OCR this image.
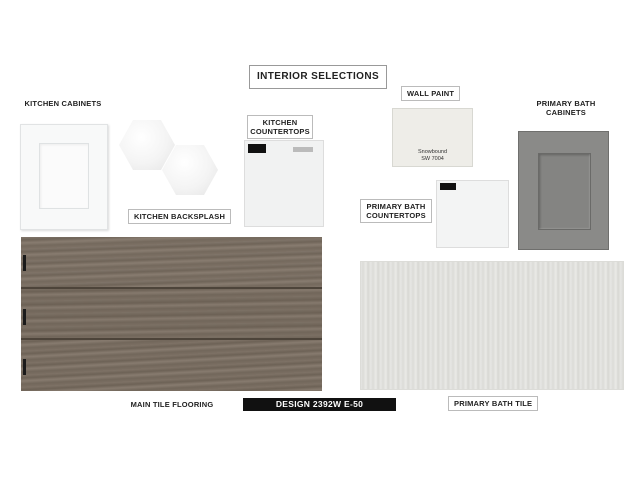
INTERIOR SELECTIONS
KITCHEN CABINETS
KITCHEN BACKSPLASH
KITCHEN
COUNTERTOPS
WALL PAINT
Snowbound
SW 7004
PRIMARY BATH
COUNTERTOPS
PRIMARY BATH
CABINETS
MAIN TILE FLOORING	DESIGN 2392W E-50	PRIMARY BATH TILE
